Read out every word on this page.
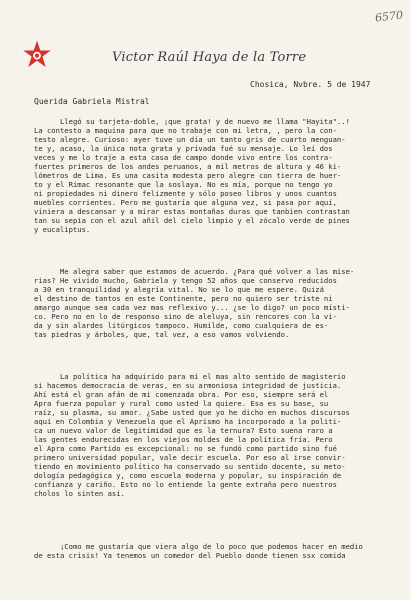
6570
Victor Raúl Haya de la Torre
Chosica, Nvbre. 5 de 1947
Querida Gabriela Mistral
Llegó su tarjeta-doble, ¡que grata! y de nuevo me llama "Hayita"..!
La contesto a maquina para que no trabaje con mi letra, , pero la con-
testo alegre. Curioso: ayer tuve un día un tanto gris de cuarto menguan-
te y, acaso, la única nota grata y privada fué su mensaje. Lo leí dos
veces y me lo traje a esta casa de campo donde vivo entre los contra-
fuertes primeros de los andes peruanos, a mil metros de altura y 46 ki-
lómetros de Lima. Es una casita modesta pero alegre con tierra de huer-
to y el Rimac resonante que la soslaya. No es mía, porque no tengo yo
ni propiedades ni dinero felizmente y sólo poseo libros y unos cuantos
muebles corrientes. Pero me gustaría que alguna vez, si pasa por aquí,
viniera a descansar y a mirar estas montañas duras que tanbien contrastan
tan su sepia con el azul añil del cielo limpio y el zócalo verde de pines
y eucaliptus.
Me alegra saber que estamos de acuerdo. ¿Para qué volver a las mise-
rias? He vivido mucho, Gabriela y tengo 52 años que conservo reducidos
a 30 en tranquilidad y alegría vital. No se lo que me espere. Quizá
el destino de tantos en este Continente, pero no quiero ser triste ni
amargo aunque sea cada vez mas reflexivo y... ¿se lo digo? un poco místi-
co. Pero no en lo de responso sino de aleluya, sin rencores con la vi-
da y sin alardes litúrgicos tampoco. Humilde, como cualquiera de es-
tas piedras y árboles, que, tal vez, a eso vamos volviendo.
La política ha adquirido para mí el mas alto sentido de magisterio
si hacemos democracia de veras, en su armoniosa integridad de justicia.
Ahí está el gran afán de mi comenzada obra. Por eso, siempre será el
Apra fuerza popular y rural como usted la quiere. Esa es su base, su
raíz, su plasma, su amor. ¿Sabe usted que yo he dicho en muchos discursos
aquí en Colombia y Venezuela que el Aprismo ha incorporado a la politi-
ca un nuevo valor de legitimidad que es la ternura? Esto suena raro a
las gentes endurecidas en los viejos moldes de la política fría. Pero
el Apra como Partido es excepcional: no se fundó como partido sino fué
primero universidad popular, vale decir escuela. Por eso al irse convir-
tiendo en movimiento político ha conservado su sentido docente, su meto-
dología pedagógica y, como escuela moderna y popular, su inspiración de
confianza y cariño. Esto no lo entiende la gente extraña pero nuestros
cholos lo sinten así.
¡Como me gustaría que viera algo de lo poco que podemos hacer en medio
de esta crisis! Ya tenemos un comedor del Pueblo donde tienen ssx comida
